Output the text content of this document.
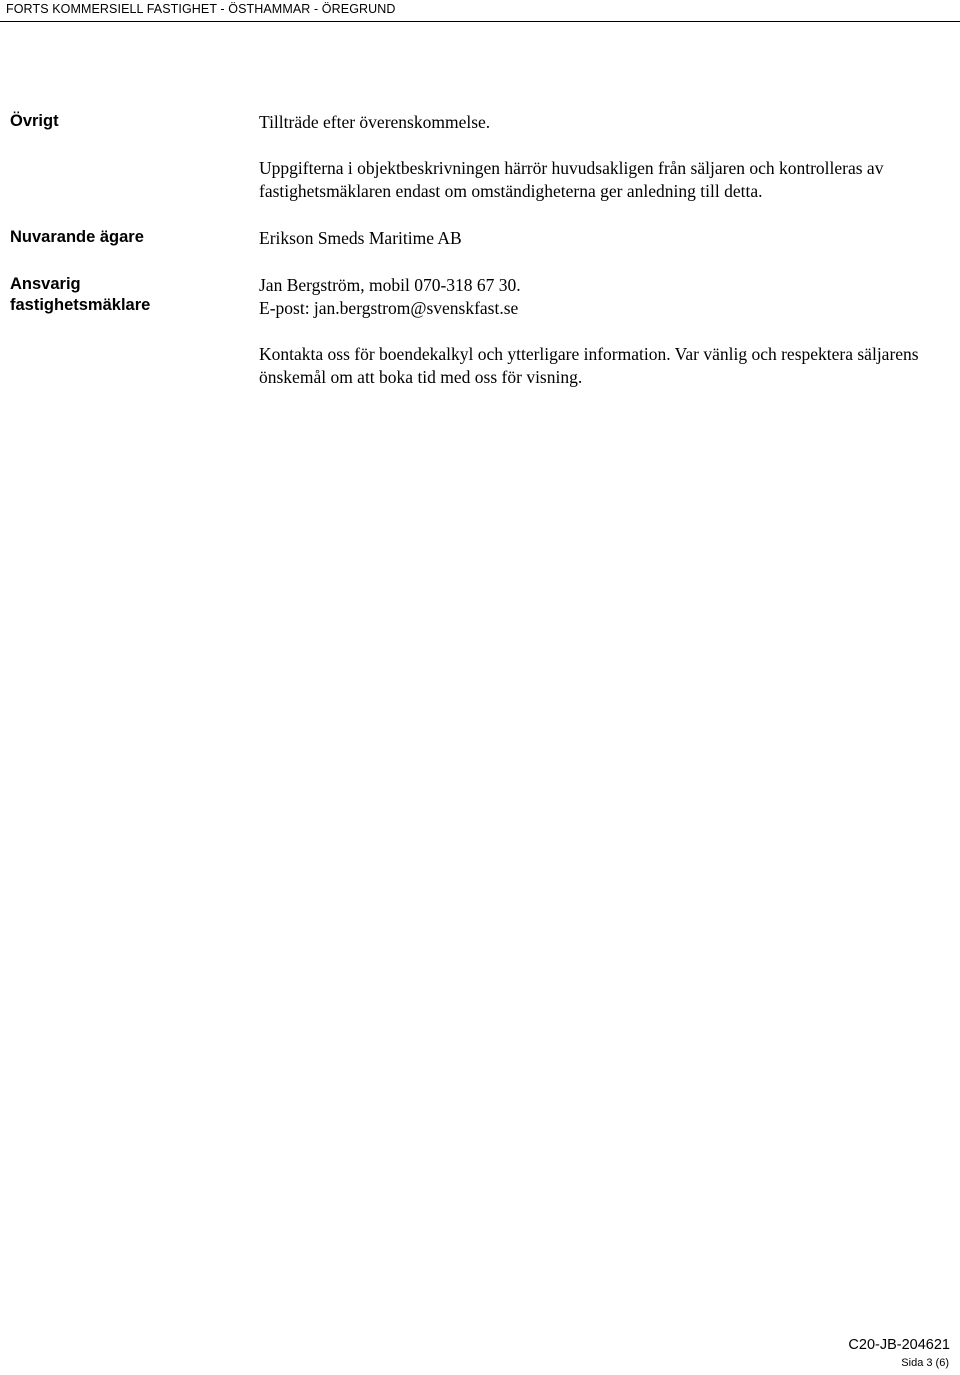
FORTS KOMMERSIELL FASTIGHET - ÖSTHAMMAR - ÖREGRUND
Övrigt	Tillträde efter överenskommelse.

Uppgifterna i objektbeskrivningen härrör huvudsakligen från säljaren och kontrolleras av fastighetsmäklaren endast om omständigheterna ger anledning till detta.

Nuvarande ägare	Erikson Smeds Maritime AB
Ansvarig
fastighetsmäklare

Jan Bergström, mobil 070-318 67 30.

E-post: jan.bergstrom@svenskfast.se

Kontakta oss för boendekalkyl och ytterligare information. Var vänlig och respektera säljarens önskemål om att boka tid med oss för visning.

C20-JB-204621
Sida 3 (6)
